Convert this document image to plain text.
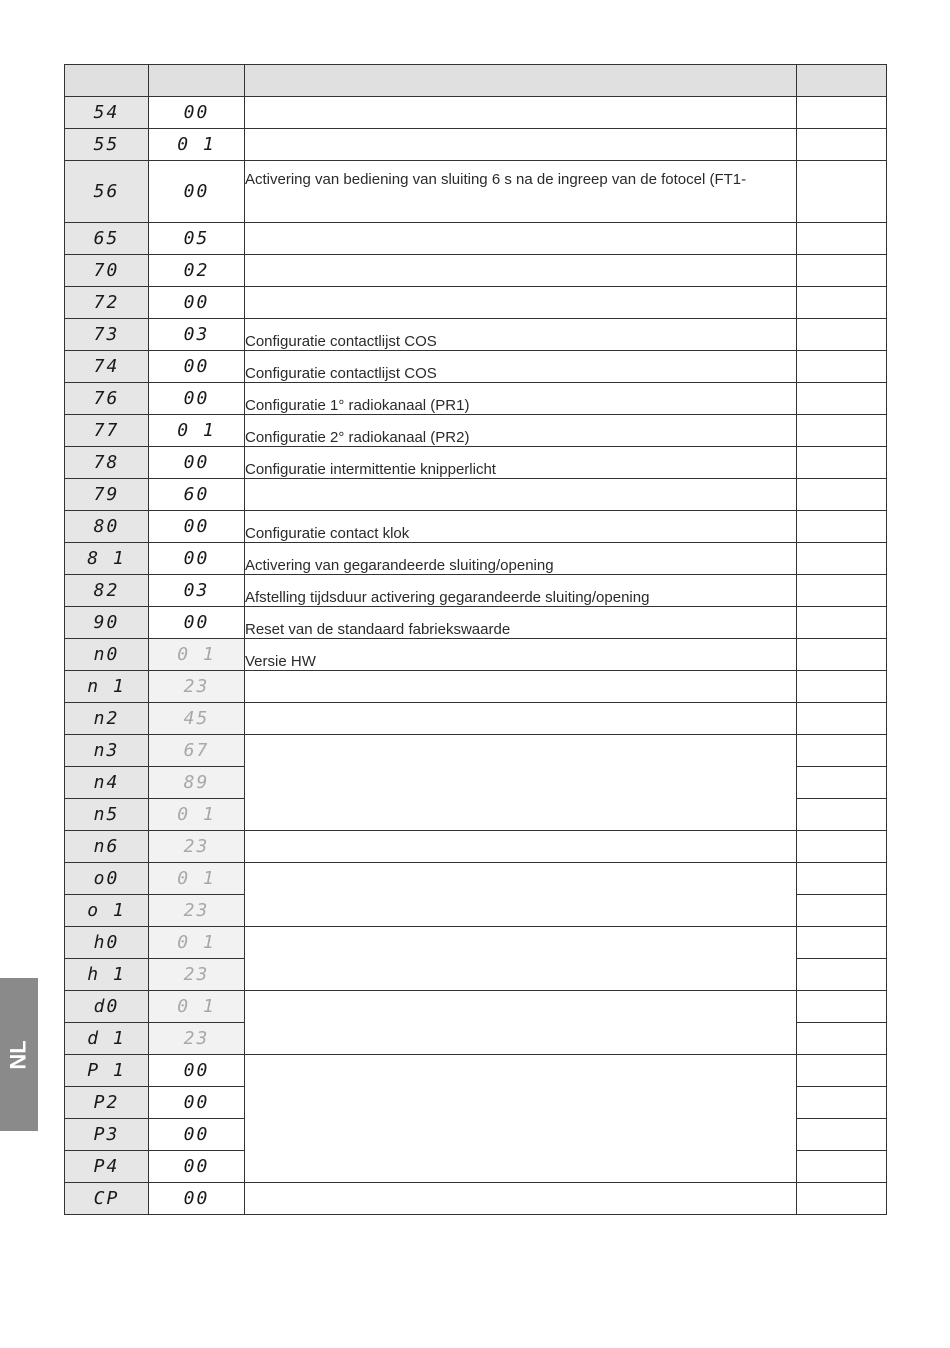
54	00		
55	0 1		
56	00	Activering van bediening van sluiting 6 s na de ingreep van de fotocel (FT1-	
65	05		
70	02		
72	00		
73	03	Configuratie contactlijst COS	
74	00	Configuratie contactlijst COS	
76	00	Configuratie 1° radiokanaal (PR1)	
77	0 1	Configuratie 2° radiokanaal (PR2)	
78	00	Configuratie intermittentie knipperlicht	
79	60		
80	00	Configuratie contact klok	
8 1	00	Activering van gegarandeerde sluiting/opening	
82	03	Afstelling tijdsduur activering gegarandeerde sluiting/opening	
90	00	Reset van de standaard fabriekswaarde	
n0	0 1	Versie HW	
n 1	23		
n2	45		
n3	67		
n4	89		
n5	0 1		
n6	23		
o0	0 1		
o 1	23		
h0	0 1		
h 1	23		
d0	0 1		
d 1	23		
P 1	00		
P2	00		
P3	00		
P4	00		
CP	00		
NL
